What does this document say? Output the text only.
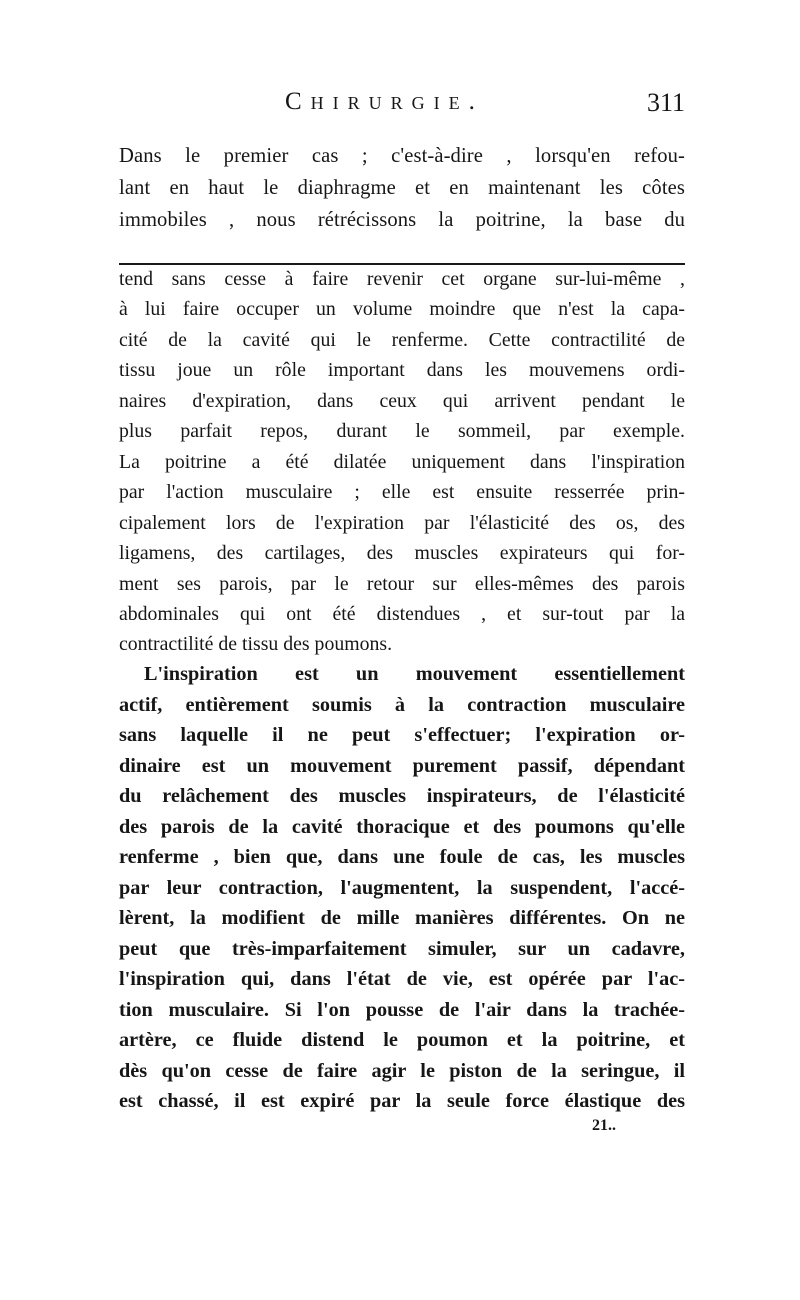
Chirurgie.	311
Dans le premier cas ; c'est-à-dire , lorsqu'en refou-
lant en haut le diaphragme et en maintenant les côtes
immobiles , nous rétrécissons la poitrine, la base du
tend sans cesse à faire revenir cet organe sur-lui-même ,
à lui faire occuper un volume moindre que n'est la capa-
cité de la cavité qui le renferme. Cette contractilité de
tissu joue un rôle important dans les mouvemens ordi-
naires d'expiration, dans ceux qui arrivent pendant le
plus parfait repos, durant le sommeil, par exemple.
La poitrine a été dilatée uniquement dans l'inspiration
par l'action musculaire ; elle est ensuite resserrée prin-
cipalement lors de l'expiration par l'élasticité des os, des
ligamens, des cartilages, des muscles expirateurs qui for-
ment ses parois, par le retour sur elles-mêmes des parois
abdominales qui ont été distendues , et sur-tout par la
contractilité de tissu des poumons.
L'inspiration est un mouvement essentiellement
actif, entièrement soumis à la contraction musculaire
sans laquelle il ne peut s'effectuer; l'expiration or-
dinaire est un mouvement purement passif, dépendant
du relâchement des muscles inspirateurs, de l'élasticité
des parois de la cavité thoracique et des poumons qu'elle
renferme , bien que, dans une foule de cas, les muscles
par leur contraction, l'augmentent, la suspendent, l'accé-
lèrent, la modifient de mille manières différentes. On ne
peut que très-imparfaitement simuler, sur un cadavre,
l'inspiration qui, dans l'état de vie, est opérée par l'ac-
tion musculaire. Si l'on pousse de l'air dans la trachée-
artère, ce fluide distend le poumon et la poitrine, et
dès qu'on cesse de faire agir le piston de la seringue, il
est chassé, il est expiré par la seule force élastique des
21..
